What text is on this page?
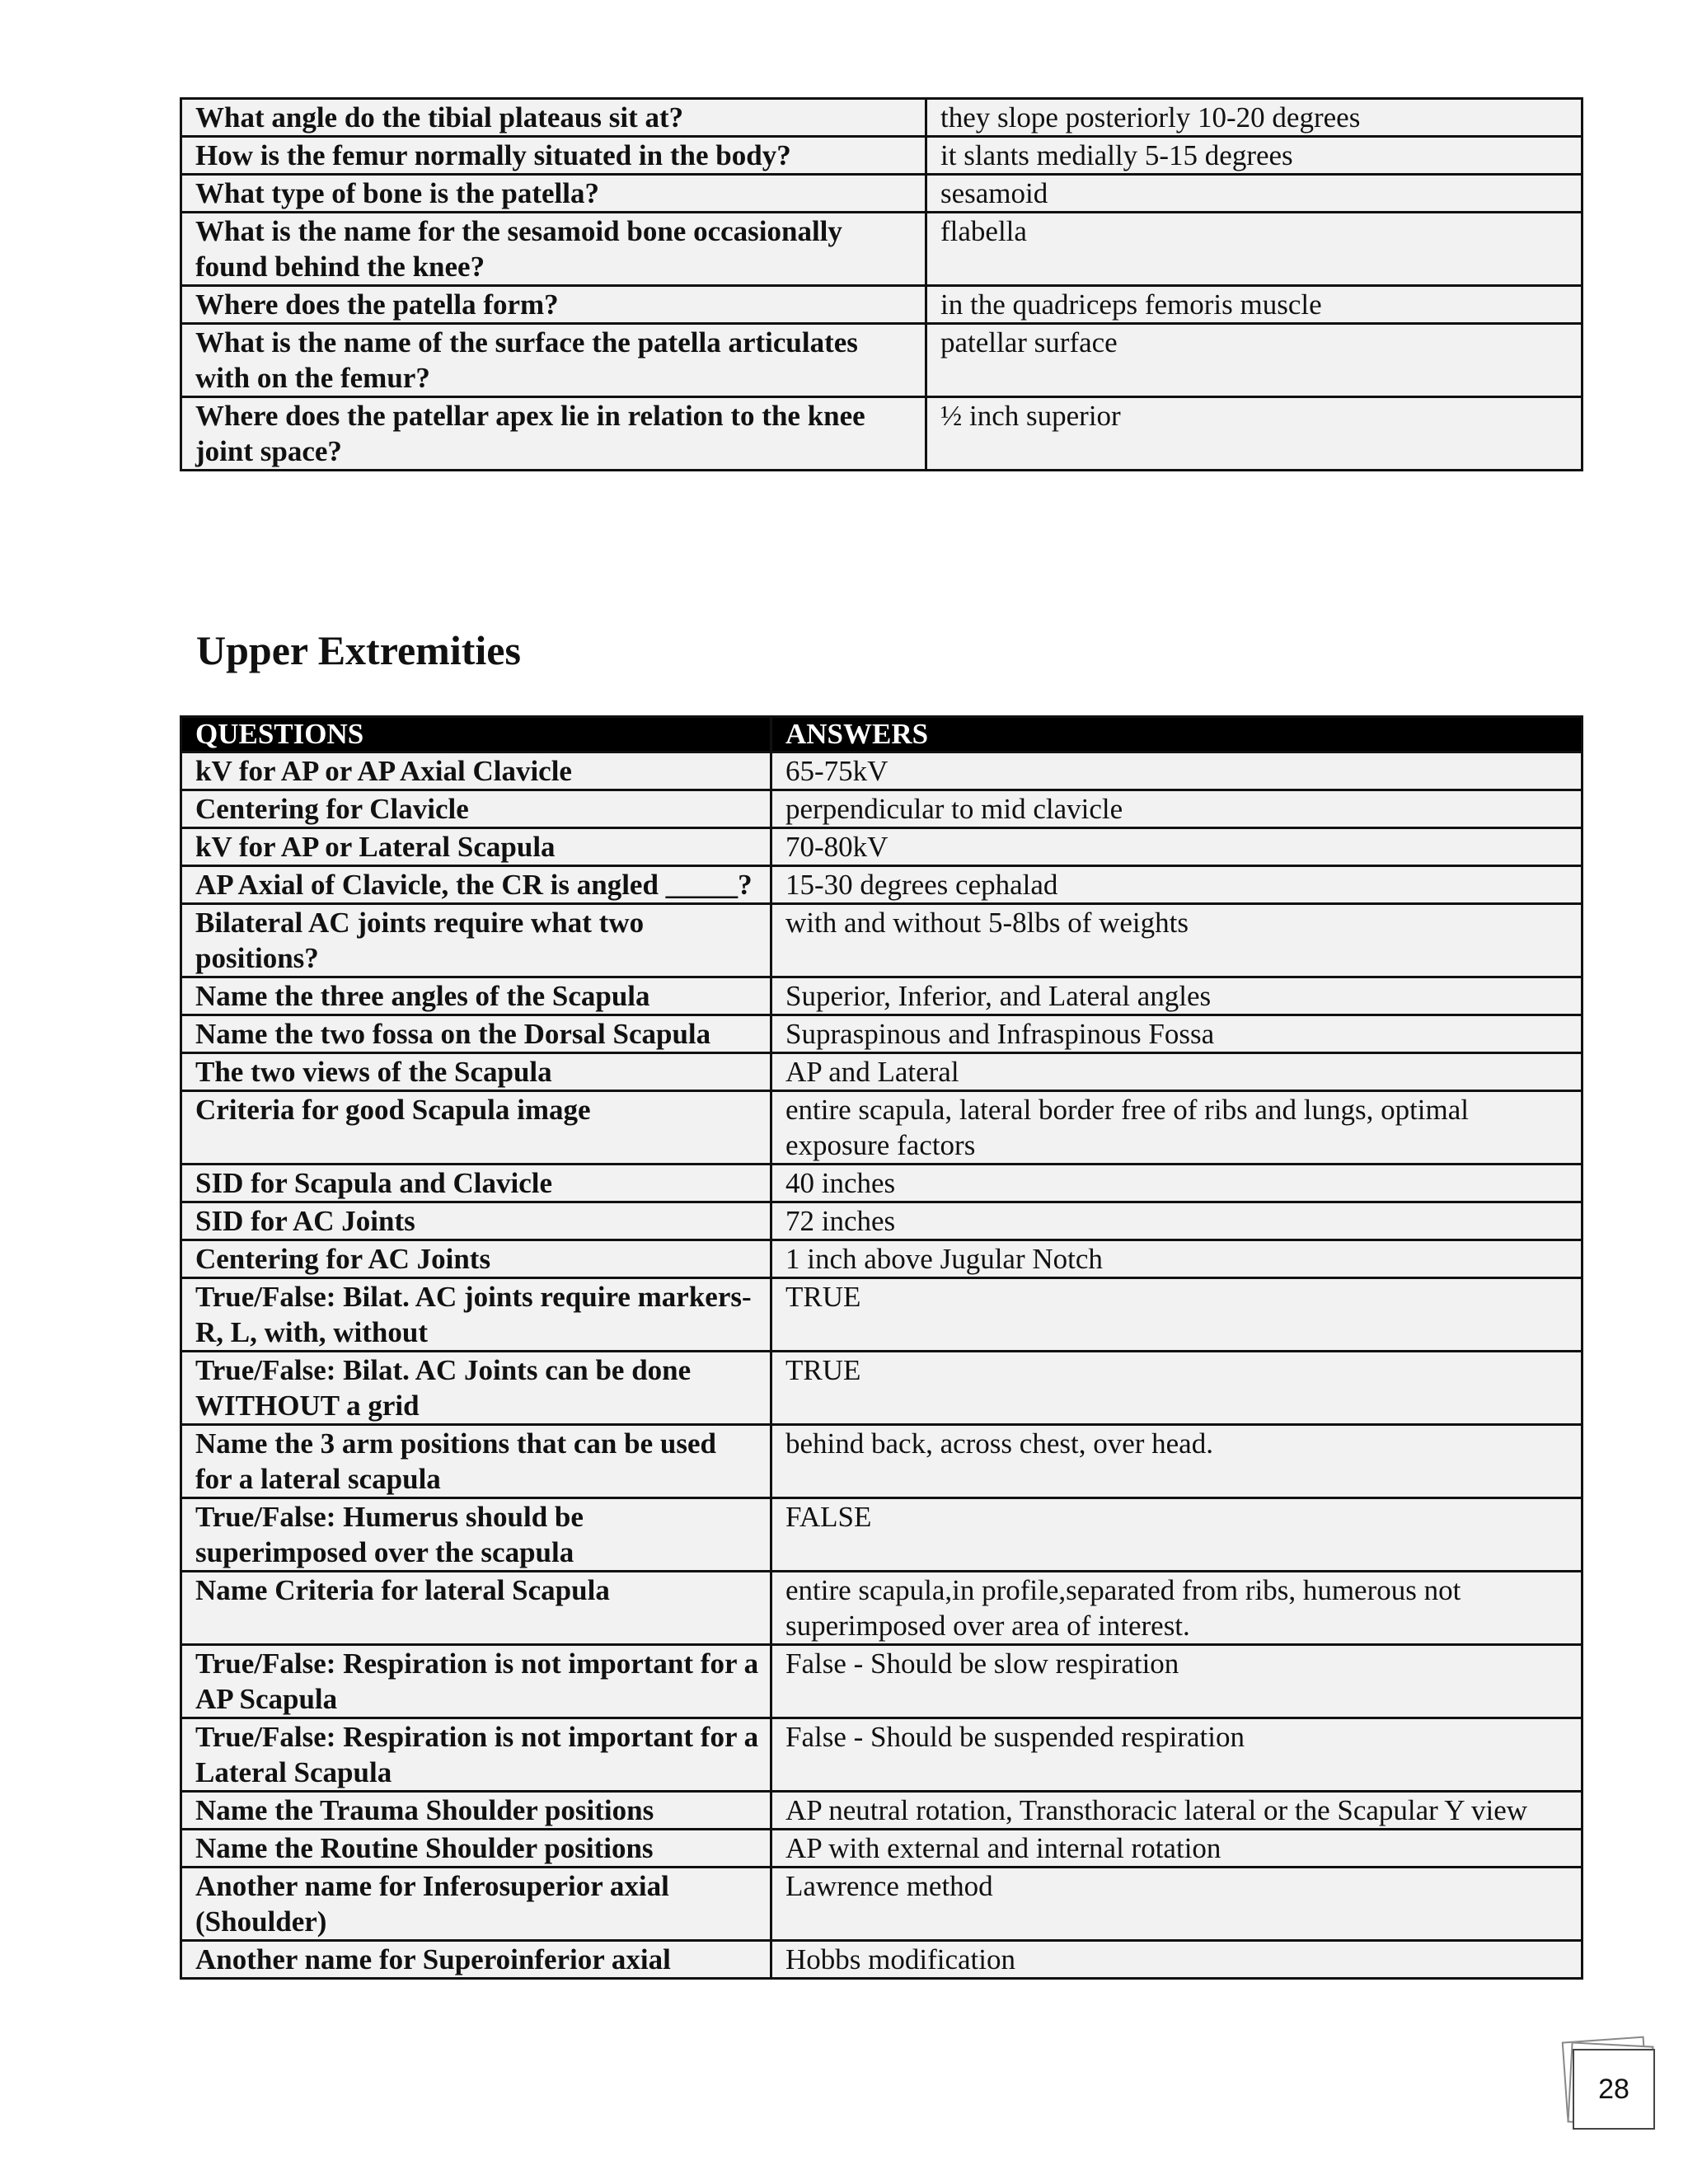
What angle do the tibial plateaus sit at?	they slope posteriorly 10-20 degrees
How is the femur normally situated in the body?	it slants medially 5-15 degrees
What type of bone is the patella?	sesamoid
What is the name for the sesamoid bone occasionally found behind the knee?	flabella
Where does the patella form?	in the quadriceps femoris muscle
What is the name of the surface the patella articulates with on the femur?	patellar surface
Where does the patellar apex lie in relation to the knee joint space?	½ inch superior
Upper Extremities
QUESTIONS	ANSWERS
kV for AP or AP Axial Clavicle	65-75kV
Centering for Clavicle	perpendicular to mid clavicle
kV for AP or Lateral Scapula	70-80kV
AP Axial of Clavicle, the CR is angled _____?	15-30 degrees cephalad
Bilateral AC joints require what two positions?	with and without 5-8lbs of weights
Name the three angles of the Scapula	Superior, Inferior, and Lateral angles
Name the two fossa on the Dorsal Scapula	Supraspinous and Infraspinous Fossa
The two views of the Scapula	AP and Lateral
Criteria for good Scapula image	entire scapula, lateral border free of ribs and lungs, optimal exposure factors
SID for Scapula and Clavicle	40 inches
SID for AC Joints	72 inches
Centering for AC Joints	1 inch above Jugular Notch
True/False: Bilat. AC joints require markers- R, L, with, without	TRUE
True/False: Bilat. AC Joints can be done WITHOUT a grid	TRUE
Name the 3 arm positions that can be used for a lateral scapula	behind back, across chest, over head.
True/False: Humerus should be superimposed over the scapula	FALSE
Name Criteria for lateral Scapula	entire scapula,in profile,separated from ribs, humerous not superimposed over area of interest.
True/False: Respiration is not important for a AP Scapula	False - Should be slow respiration
True/False: Respiration is not important for a Lateral Scapula	False - Should be suspended respiration
Name the Trauma Shoulder positions	AP neutral rotation, Transthoracic lateral or the Scapular Y view
Name the Routine Shoulder positions	AP with external and internal rotation
Another name for Inferosuperior axial (Shoulder)	Lawrence method
Another name for Superoinferior axial	Hobbs modification
28
